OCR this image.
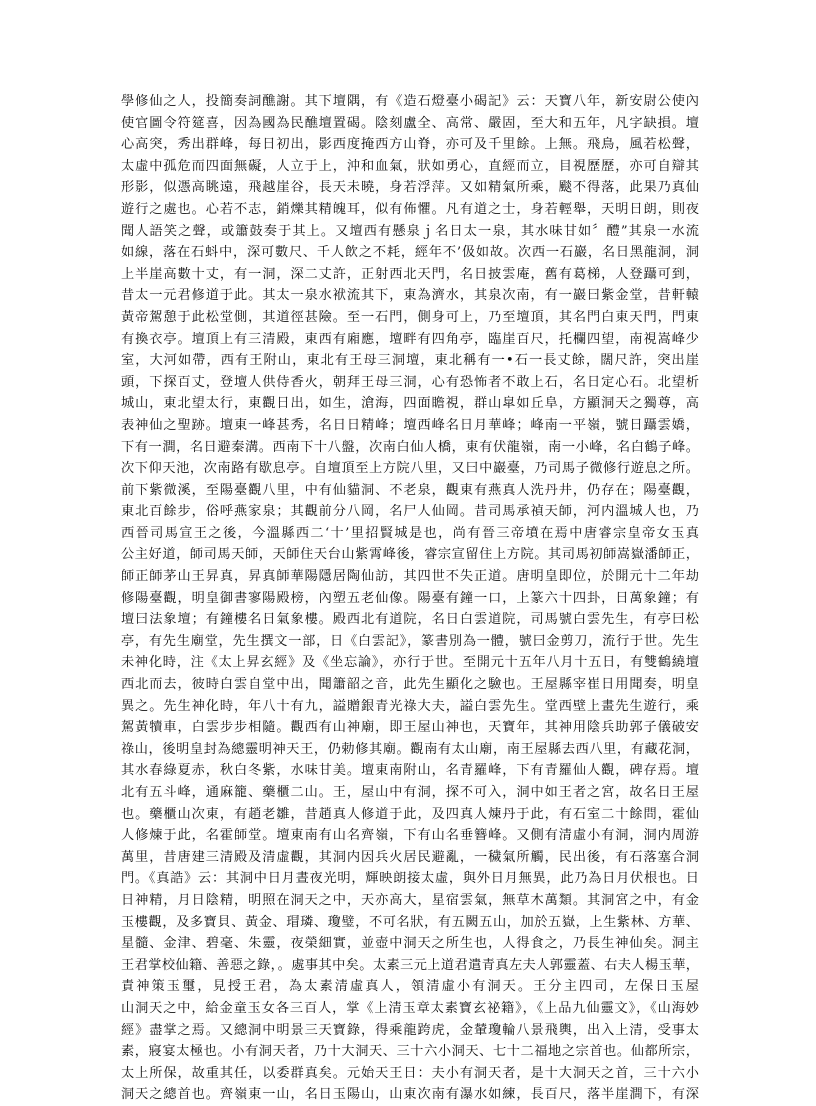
學修仙之人，投簡奏詞醮謝。其下壇隅，有《造石燈臺小碣記》云：天寶八年，新安尉公使內
使官圖令符筵喜，因為國為民醮壇置碣。陰刻盧全、高常、嚴固，至大和五年，凡字缺損。壇
心高突，秀出群峰，每日初出，影西度掩西方山脊，亦可及千里餘。上無。飛鳥，風若松聲，
太虛中孤危而四面無礙，人立于上，沖和血氣，狀如勇心，直經而立，目視歷歷，亦可自辯其
形影，似憑高眺遠，飛越崖谷，長天未曉，身若浮萍。又如精氣所乘，颷不得落，此果乃真仙
遊行之處也。心若不志，銷爍其精魄耳，似有佈懼。凡有道之士，身若輕舉，天明日朗，則夜
聞人語笑之聲，或簫鼓奏于其上。又壇西有懸泉ｊ名日太一泉，其水味甘如〞醴”其泉一水流
如線，落在石蚪中，深可數尺、千人飲之不耗，經年不’伋如故。次西一石巖，名日黑龍洞，洞
上半崖高數十丈，有一洞，深二丈許，正射西北天門，名日披雲庵，舊有葛梯，人登躡可到，
昔太一元君修道于此。其太一泉水袱流其下，東為濟水，其泉次南，有一巖曰紫金堂，昔軒轅
黃帝駕憩于此松堂側，其道徑甚險。至一石門，側身可上，乃至壇頂，其名門白東天門，門東
有換衣亭。壇頂上有三清殿，東西有廂應，壇畔有四角亭，臨崖百尺，托欄四望，南視嵩峰少
室，大河如帶，西有王附山，東北有王母三洞壇，東北稱有一•石一長丈餘，闊尺許，突出崖
頭，下探百丈，登壇人供侍香火，朝拜王母三洞，心有恐怖者不敢上石，名日定心石。北望析
城山，東北望太行，東觀日出，如生，滄海，四面瞻視，群山皐如丘阜，方顯洞天之獨尊，高
表神仙之聖跡。壇東一峰甚秀，名日日精峰；壇西峰名日月華峰；峰南一平嶺，號日躡雲嬌，
下有一澗，名日避秦溝。西南下十八盤，次南白仙人橋，東有伏龍嶺，南一小峰，名白鶴子峰。
次下仰天池，次南路有歇息亭。自壇頂至上方院八里，又曰中巖臺，乃司馬子微修行遊息之所。
前下紫微溪，至陽臺觀八里，中有仙貓洞、不老泉，觀東有燕真人洗丹井，仍存在；陽臺觀，
東北百餘步，俗呼燕家泉；其觀前分八岡，名尸人仙岡。昔司馬承禎天師，河内溫城人也，乃
西晉司馬宣王之後，今溫縣西二‘十’里招賢城是也，尚有晉三帝墳在焉中唐睿宗皇帝女玉真
公主好道，師司馬天師，天師住天台山紫霄峰後，睿宗宣留住上方院。其司馬初師嵩嶽潘師正，
師正師茅山王昇真，昇真師華陽隱居陶仙訪，其四世不失正道。唐明皇即位，於開元十二年劫
修陽臺觀，明皇御書寥陽殿榜，內塑五老仙像。陽臺有鐘一口，上篆六十四卦，日萬象鐘；有
壇曰法象壇；有鐘樓名日氣象樓。殿西北有道院，名日白雲道院，司馬號白雲先生，有亭曰松
亭，有先生廟堂，先生撰文一部，日《白雲記》，篆書別為一體，號曰金剪刀，流行于世。先生
未神化時，注《太上昇玄經》及《坐忘論》，亦行于世。至開元十五年八月十五日，有雙鶴繞壇
西北而去，彼時白雲自堂中出，聞簫韶之音，此先生顯化之驗也。王屋縣宰崔日用聞奏，明皇
異之。先生神化時，年八十有九，謚贈銀青光祿大夫，謚白雲先生。堂西壁上畫先生遊行，乘
駕黃犢車，白雲步步相隨。觀西有山神廟，即王屋山神也，天寶年，其神用陰兵助郭子儀破安
祿山，後明皇封為總靈明神天王，仍勅修其廟。觀南有太山廟，南王屋縣去西八里，有藏花洞，
其水春綠夏赤，秋白冬紫，水味甘美。壇東南附山，名青羅峰，下有青羅仙人觀，碑存焉。壇
北有五斗峰，通麻籠、藥櫃二山。王，屋山中有洞，探不可入，洞中如王者之宮，故名日王屋
也。藥櫃山次東，有趙老雛，昔趙真人修道于此，及四真人煉丹于此，有石室二十餘問，霍仙
人修煉于此，名霍師堂。壇東南有山名齊嶺，下有山名垂簪峰。又側有清虛小有洞，洞内周游
萬里，昔唐建三清殿及清虛觀，其洞内因兵火居民避亂，一穢氣所觸，民出後，有石落塞合洞
門。《真誥》云：其洞中日月晝夜光明，輝映朗接太虛，與外日月無異，此乃為日月伏根也。日
日神精，月日陰精，明照在洞天之中，天亦高大，星宿雲氣，無草木萬類。其洞宮之中，有金
玉樓觀，及多寶貝、黃金、瑁璘、瓊璧，不可名狀，有五闕五山，加於五嶽，上生紫林、方華、
星髓、金津、碧毫、朱靈，夜榮細實，並壺中洞天之所生也，人得食之，乃長生神仙矣。洞主
王君掌校仙籍、善惡之錄，。處事其中矣。太素三元上道君遣青真左夫人郭靈蓋、右夫人楊玉華，
責神策玉璽，見授王君，為太素清虛真人，領清虛小有洞天。王分主四司，左保日玉屋
山洞天之中，給金童玉女各三百人，掌《上清玉章太素寶玄祕籍》，《上品九仙靈文》，《山海妙
經》盡掌之焉。又總洞中明景三天寶錄，得乘龍跨虎，金輦瓊輪八景飛輿，出入上清，受事太
素，寢宴太極也。小有洞天者，乃十大洞天、三十六小洞天、七十二福地之宗首也。仙都所宗，
太上所保，故重其任，以委群真矣。元始天王日：夫小有洞天者，是十大洞天之首，三十六小
洞天之總首也。齊嶺東一山，名日玉陽山，山東次南有瀑水如練，長百尺，落半崖澗下，有深
